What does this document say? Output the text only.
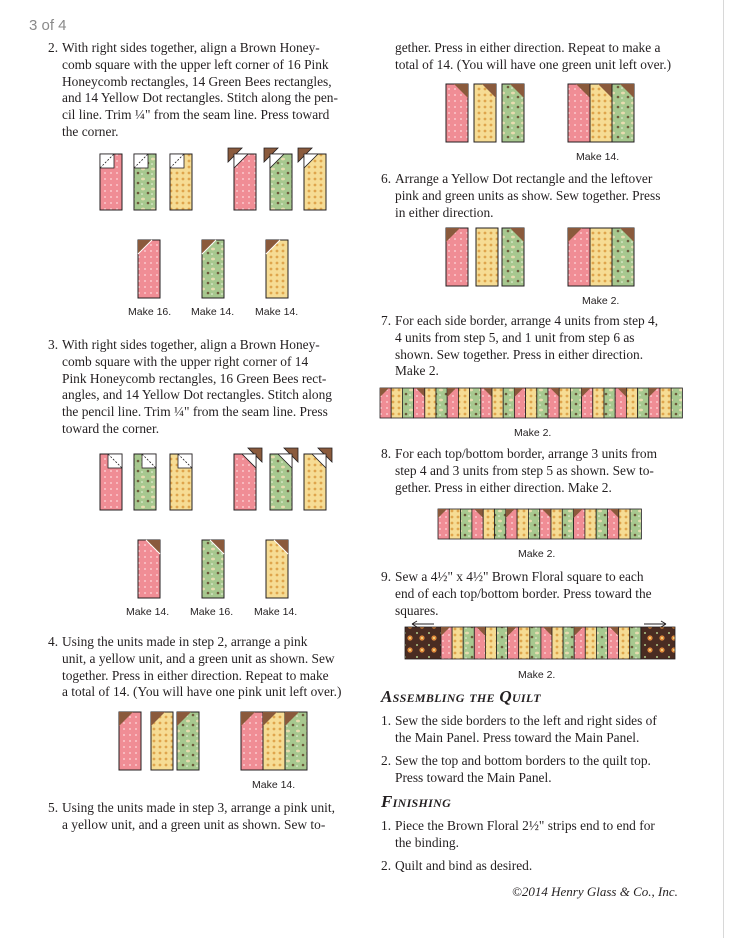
3 of 4
2. With right sides together, align a Brown Honey-
comb square with the upper left corner of 16 Pink
Honeycomb rectangles, 14 Green Bees rectangles,
and 14 Yellow Dot rectangles. Stitch along the pen-
cil line. Trim ¼" from the seam line. Press toward
the corner.
Make 16. Make 14. Make 14.
3. With right sides together, align a Brown Honey-
comb square with the upper right corner of 14
Pink Honeycomb rectangles, 16 Green Bees rect-
angles, and 14 Yellow Dot rectangles. Stitch along
the pencil line. Trim ¼" from the seam line. Press
toward the corner.
Make 14. Make 16. Make 14.
4. Using the units made in step 2, arrange a pink
unit, a yellow unit, and a green unit as shown. Sew
together. Press in either direction. Repeat to make
a total of 14. (You will have one pink unit left over.)
Make 14.
5. Using the units made in step 3, arrange a pink unit,
a yellow unit, and a green unit as shown. Sew to-
gether. Press in either direction. Repeat to make a
total of 14. (You will have one green unit left over.)
Make 14.
6. Arrange a Yellow Dot rectangle and the leftover
pink and green units as show. Sew together. Press
in either direction.
Make 2.
7. For each side border, arrange 4 units from step 4,
4 units from step 5, and 1 unit from step 6 as
shown. Sew together. Press in either direction.
Make 2.
Make 2.
8. For each top/bottom border, arrange 3 units from
step 4 and 3 units from step 5 as shown. Sew to-
gether. Press in either direction. Make 2.
Make 2.
9. Sew a 4½" x 4½" Brown Floral square to each
end of each top/bottom border. Press toward the
squares.
Make 2.
Assembling the Quilt
1. Sew the side borders to the left and right sides of
the Main Panel. Press toward the Main Panel.
2. Sew the top and bottom borders to the quilt top.
Press toward the Main Panel.
Finishing
1. Piece the Brown Floral 2½" strips end to end for
the binding.
2. Quilt and bind as desired.
©2014 Henry Glass & Co., Inc.
